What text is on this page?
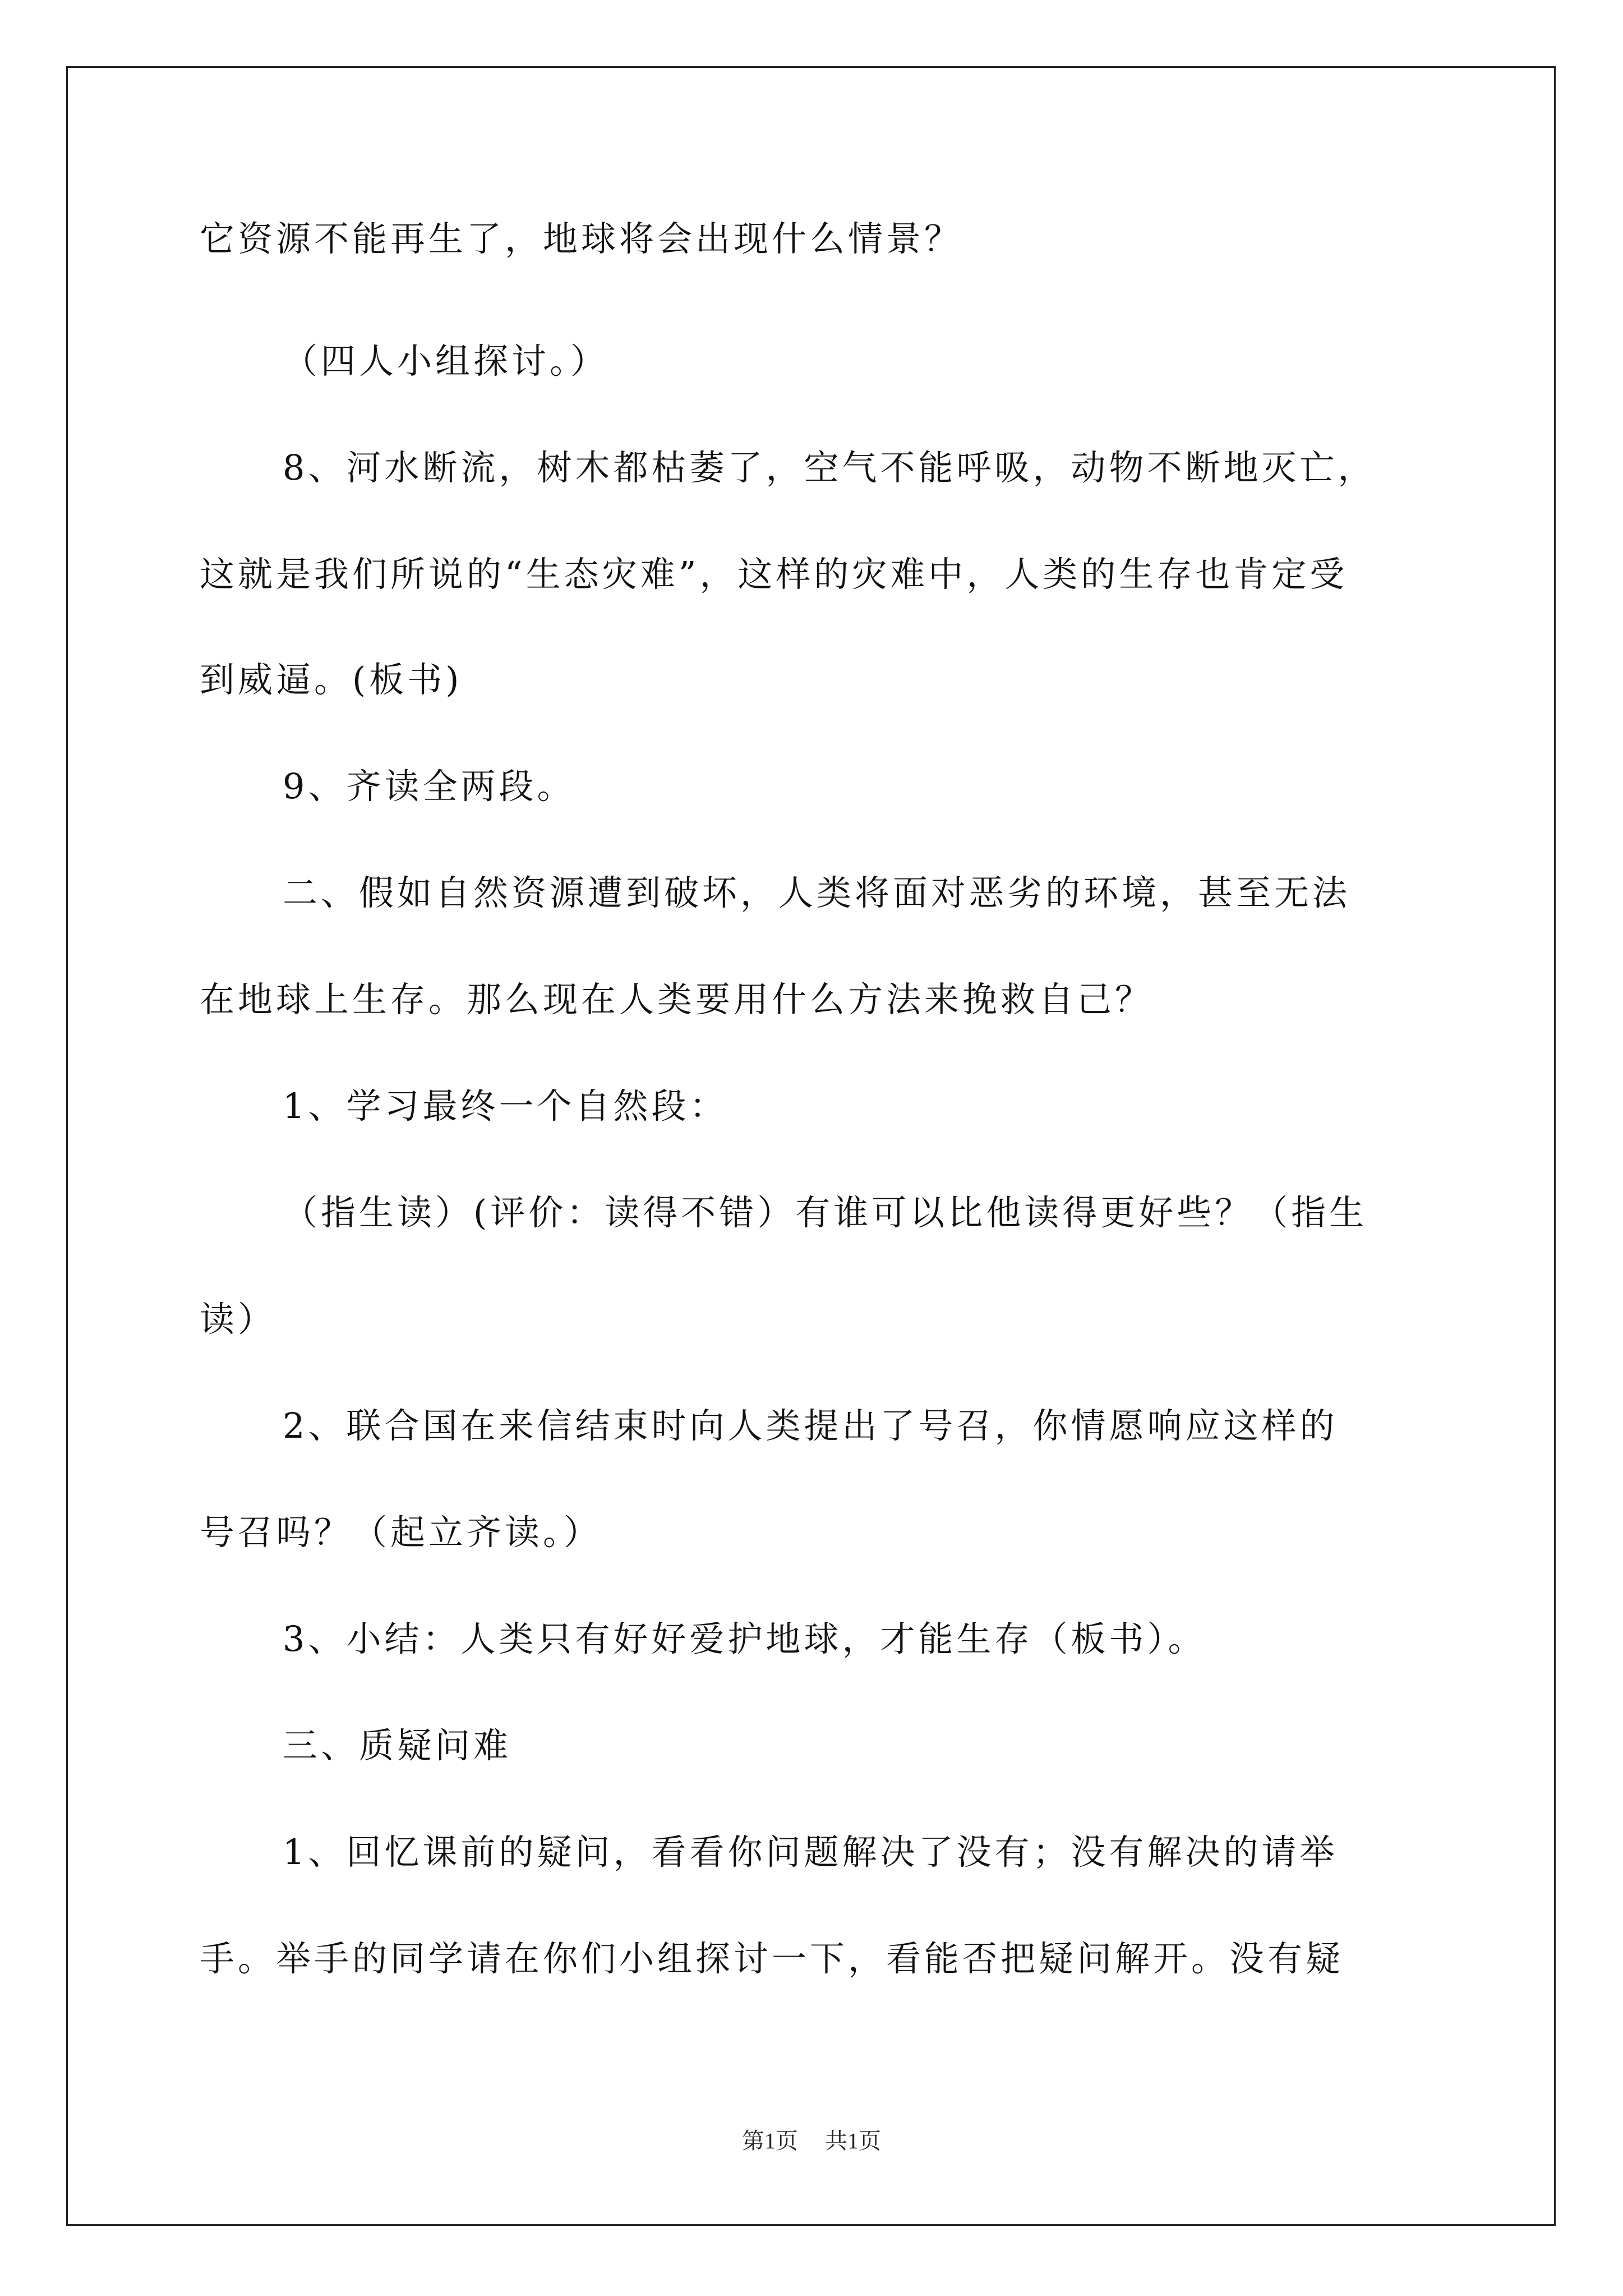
它资源不能再生了，地球将会出现什么情景？
（四人小组探讨。）
8、河水断流，树木都枯萎了，空气不能呼吸，动物不断地灭亡，
这就是我们所说的“生态灾难”，这样的灾难中，人类的生存也肯定受
到威逼。(板书)
9、齐读全两段。
二、假如自然资源遭到破坏，人类将面对恶劣的环境，甚至无法
在地球上生存。那么现在人类要用什么方法来挽救自己？
1、学习最终一个自然段：
（指生读）(评价：读得不错）有谁可以比他读得更好些？（指生
读）
2、联合国在来信结束时向人类提出了号召，你情愿响应这样的
号召吗？（起立齐读。）
3、小结：人类只有好好爱护地球，才能生存（板书）。
三、质疑问难
1、回忆课前的疑问，看看你问题解决了没有；没有解决的请举
手。举手的同学请在你们小组探讨一下，看能否把疑问解开。没有疑
第1页 共1页
